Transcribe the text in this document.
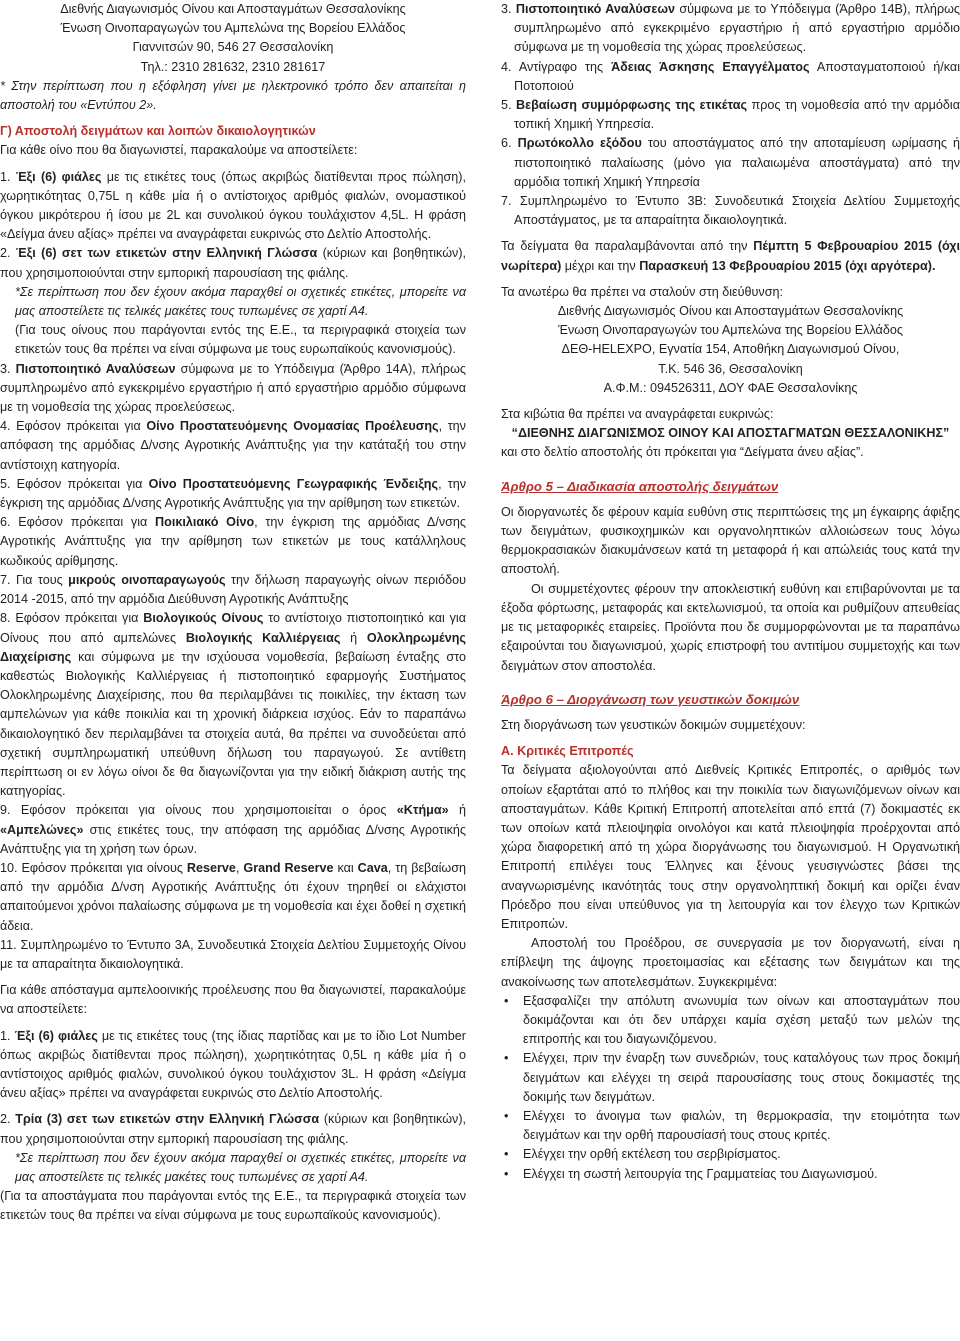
Διεθνής Διαγωνισμός Οίνου και Αποσταγμάτων Θεσσαλονίκης

Ένωση Οινοπαραγωγών του Αμπελώνα της Βορείου Ελλάδος

Γιαννιτσών 90, 546 27 Θεσσαλονίκη

Τηλ.: 2310 281632, 2310 281617

* Στην περίπτωση που η εξόφληση γίνει με ηλεκτρονικό τρόπο δεν απαιτείται η αποστολή του «Εντύπου 2».

Γ) Αποστολή δειγμάτων και λοιπών δικαιολογητικών

Για κάθε οίνο που θα διαγωνιστεί, παρακαλούμε να αποστείλετε:

1. Έξι (6) φιάλες με τις ετικέτες τους (όπως ακριβώς διατίθενται προς πώληση), χωρητικότητας 0,75L η κάθε μία ή ο αντίστοιχος αριθμός φιαλών, ονομαστικού όγκου μικρότερου ή ίσου με 2L και συνολικού όγκου τουλάχιστον 4,5L. Η φράση «Δείγμα άνευ αξίας» πρέπει να αναγράφεται ευκρινώς στο Δελτίο Αποστολής.

2. Έξι (6) σετ των ετικετών στην Ελληνική Γλώσσα (κύριων και βοηθητικών), που χρησιμοποιούνται στην εμπορική παρουσίαση της φιάλης.

*Σε περίπτωση που δεν έχουν ακόμα παραχθεί οι σχετικές ετικέτες, μπορείτε να μας αποστείλετε τις τελικές μακέτες τους τυπωμένες σε χαρτί Α4.

(Για τους οίνους που παράγονται εντός της Ε.Ε., τα περιγραφικά στοιχεία των ετικετών τους θα πρέπει να είναι σύμφωνα με τους ευρωπαϊκούς κανονισμούς).

3. Πιστοποιητικό Αναλύσεων σύμφωνα με το Υπόδειγμα (Άρθρο 14Α), πλήρως συμπληρωμένο από εγκεκριμένο εργαστήριο ή από εργαστήριο αρμόδιο σύμφωνα με τη νομοθεσία της χώρας προελεύσεως.

4. Εφόσον πρόκειται για Οίνο Προστατευόμενης Ονομασίας Προέλευσης, την απόφαση της αρμόδιας Δ/νσης Αγροτικής Ανάπτυξης για την κατάταξή του στην αντίστοιχη κατηγορία.

5. Εφόσον πρόκειται για Οίνο Προστατευόμενης Γεωγραφικής Ένδειξης, την έγκριση της αρμόδιας Δ/νσης Αγροτικής Ανάπτυξης για την αρίθμηση των ετικετών.

6. Εφόσον πρόκειται για Ποικιλιακό Οίνο, την έγκριση της αρμόδιας Δ/νσης Αγροτικής Ανάπτυξης για την αρίθμηση των ετικετών με τους κατάλληλους κωδικούς αρίθμησης.

7. Για τους μικρούς οινοπαραγωγούς την δήλωση παραγωγής οίνων περιόδου 2014 -2015, από την αρμόδια Διεύθυνση Αγροτικής Ανάπτυξης

8. Εφόσον πρόκειται για Βιολογικούς Οίνους το αντίστοιχο πιστοποιητικό και για Οίνους που από αμπελώνες Βιολογικής Καλλιέργειας ή Ολοκληρωμένης Διαχείρισης και σύμφωνα με την ισχύουσα νομοθεσία, βεβαίωση ένταξης στο καθεστώς Βιολογικής Καλλιέργειας ή πιστοποιητικό εφαρμογής Συστήματος Ολοκληρωμένης Διαχείρισης, που θα περιλαμβάνει τις ποικιλίες, την έκταση των αμπελώνων για κάθε ποικιλία και τη χρονική διάρκεια ισχύος. Εάν το παραπάνω δικαιολογητικό δεν περιλαμβάνει τα στοιχεία αυτά, θα πρέπει να συνοδεύεται από σχετική συμπληρωματική υπεύθυνη δήλωση του παραγωγού. Σε αντίθετη περίπτωση οι εν λόγω οίνοι δε θα διαγωνίζονται για την ειδική διάκριση αυτής της κατηγορίας.

9. Εφόσον πρόκειται για οίνους που χρησιμοποιείται ο όρος «Κτήμα» ή «Αμπελώνες» στις ετικέτες τους, την απόφαση της αρμόδιας Δ/νσης Αγροτικής Ανάπτυξης για τη χρήση των όρων.

10. Εφόσον πρόκειται για οίνους Reserve, Grand Reserve και Cava, τη βεβαίωση από την αρμόδια Δ/νση Αγροτικής Ανάπτυξης ότι έχουν τηρηθεί οι ελάχιστοι απαιτούμενοι χρόνοι παλαίωσης σύμφωνα με τη νομοθεσία και έχει δοθεί η σχετική άδεια.

11. Συμπληρωμένο το Έντυπο 3Α, Συνοδευτικά Στοιχεία Δελτίου Συμμετοχής Οίνου με τα απαραίτητα δικαιολογητικά.

Για κάθε απόσταγμα αμπελοοινικής προέλευσης που θα διαγωνιστεί, παρακαλούμε να αποστείλετε:

1. Έξι (6) φιάλες με τις ετικέτες τους (της ίδιας παρτίδας και με το ίδιο Lot Number όπως ακριβώς διατίθενται προς πώληση), χωρητικότητας 0,5L η κάθε μία ή ο αντίστοιχος αριθμός φιαλών, συνολικού όγκου τουλάχιστον 3L. Η φράση «Δείγμα άνευ αξίας» πρέπει να αναγράφεται ευκρινώς στο Δελτίο Αποστολής.

2. Τρία (3) σετ των ετικετών στην Ελληνική Γλώσσα (κύριων και βοηθητικών), που χρησιμοποιούνται στην εμπορική παρουσίαση της φιάλης.

*Σε περίπτωση που δεν έχουν ακόμα παραχθεί οι σχετικές ετικέτες, μπορείτε να μας αποστείλετε τις τελικές μακέτες τους τυπωμένες σε χαρτί Α4.

(Για τα αποστάγματα που παράγονται εντός της Ε.Ε., τα περιγραφικά στοιχεία των ετικετών τους θα πρέπει να είναι σύμφωνα με τους ευρωπαϊκούς κανονισμούς).

3. Πιστοποιητικό Αναλύσεων σύμφωνα με το Υπόδειγμα (Άρθρο 14Β), πλήρως συμπληρωμένο από εγκεκριμένο εργαστήριο ή από εργαστήριο αρμόδιο σύμφωνα με τη νομοθεσία της χώρας προελεύσεως.

4. Αντίγραφο της Άδειας Άσκησης Επαγγέλματος Αποσταγματοποιού ή/και Ποτοποιού

5. Βεβαίωση συμμόρφωσης της ετικέτας προς τη νομοθεσία από την αρμόδια τοπική Χημική Υπηρεσία.

6. Πρωτόκολλο εξόδου του αποστάγματος από την αποταμίευση ωρίμασης ή πιστοποιητικό παλαίωσης (μόνο για παλαιωμένα αποστάγματα) από την αρμόδια τοπική Χημική Υπηρεσία

7. Συμπληρωμένο το Έντυπο 3Β: Συνοδευτικά Στοιχεία Δελτίου Συμμετοχής Αποστάγματος, με τα απαραίτητα δικαιολογητικά.

Τα δείγματα θα παραλαμβάνονται από την Πέμπτη 5 Φεβρουαρίου 2015 (όχι νωρίτερα) μέχρι και την Παρασκευή 13 Φεβρουαρίου 2015 (όχι αργότερα).

Τα ανωτέρω θα πρέπει να σταλούν στη διεύθυνση:

Διεθνής Διαγωνισμός Οίνου και Αποσταγμάτων Θεσσαλονίκης

Ένωση Οινοπαραγωγών του Αμπελώνα της Βορείου Ελλάδος

ΔΕΘ-HELEXPO, Εγνατία 154, Αποθήκη Διαγωνισμού Οίνου,

Τ.Κ. 546 36, Θεσσαλονίκη

Α.Φ.Μ.: 094526311, ΔΟΥ ΦΑΕ Θεσσαλονίκης

Στα κιβώτια θα πρέπει να αναγράφεται ευκρινώς:

“ΔΙΕΘΝΗΣ ΔΙΑΓΩΝΙΣΜΟΣ ΟΙΝΟΥ ΚΑΙ ΑΠΟΣΤΑΓΜΑΤΩΝ ΘΕΣΣΑΛΟΝΙΚΗΣ”

και στο δελτίο αποστολής ότι πρόκειται για “Δείγματα άνευ αξίας”.

Άρθρο 5 – Διαδικασία αποστολής δειγμάτων

Οι διοργανωτές δε φέρουν καμία ευθύνη στις περιπτώσεις της μη έγκαιρης άφιξης των δειγμάτων, φυσικοχημικών και οργανοληπτικών αλλοιώσεων τους λόγω θερμοκρασιακών διακυμάνσεων κατά τη μεταφορά ή και απώλειάς τους κατά την αποστολή.

Οι συμμετέχοντες φέρουν την αποκλειστική ευθύνη και επιβαρύνονται με τα έξοδα φόρτωσης, μεταφοράς και εκτελωνισμού, τα οποία και ρυθμίζουν απευθείας με τις μεταφορικές εταιρείες. Προϊόντα που δε συμμορφώνονται με τα παραπάνω εξαιρούνται του διαγωνισμού, χωρίς επιστροφή του αντιτίμου συμμετοχής και των δειγμάτων στον αποστολέα.

Άρθρο 6 – Διοργάνωση των γευστικών δοκιμών

Στη διοργάνωση των γευστικών δοκιμών συμμετέχουν:

Α. Κριτικές Επιτροπές

Τα δείγματα αξιολογούνται από Διεθνείς Κριτικές Επιτροπές, ο αριθμός των οποίων εξαρτάται από το πλήθος και την ποικιλία των διαγωνιζόμενων οίνων και αποσταγμάτων. Κάθε Κριτική Επιτροπή αποτελείται από επτά (7) δοκιμαστές εκ των οποίων κατά πλειοψηφία οινολόγοι και κατά πλειοψηφία προέρχονται από χώρα διαφορετική από τη χώρα διοργάνωσης του διαγωνισμού. Η Οργανωτική Επιτροπή επιλέγει τους Έλληνες και ξένους γευσιγνώστες βάσει της αναγνωρισμένης ικανότητάς τους στην οργανοληπτική δοκιμή και ορίζει έναν Πρόεδρο που είναι υπεύθυνος για τη λειτουργία και τον έλεγχο των Κριτικών Επιτροπών.

Αποστολή του Προέδρου, σε συνεργασία με τον διοργανωτή, είναι η επίβλεψη της άψογης προετοιμασίας και εξέτασης των δειγμάτων και της ανακοίνωσης των αποτελεσμάτων. Συγκεκριμένα:

• Εξασφαλίζει την απόλυτη ανωνυμία των οίνων και αποσταγμάτων που δοκιμάζονται και ότι δεν υπάρχει καμία σχέση μεταξύ των μελών της επιτροπής και του διαγωνιζόμενου.
• Ελέγχει, πριν την έναρξη των συνεδριών, τους καταλόγους των προς δοκιμή δειγμάτων και ελέγχει τη σειρά παρουσίασης τους στους δοκιμαστές της δοκιμής των δειγμάτων.
• Ελέγχει το άνοιγμα των φιαλών, τη θερμοκρασία, την ετοιμότητα των δειγμάτων και την ορθή παρουσίασή τους στους κριτές.
• Ελέγχει την ορθή εκτέλεση του σερβιρίσματος.
• Ελέγχει τη σωστή λειτουργία της Γραμματείας του Διαγωνισμού.
